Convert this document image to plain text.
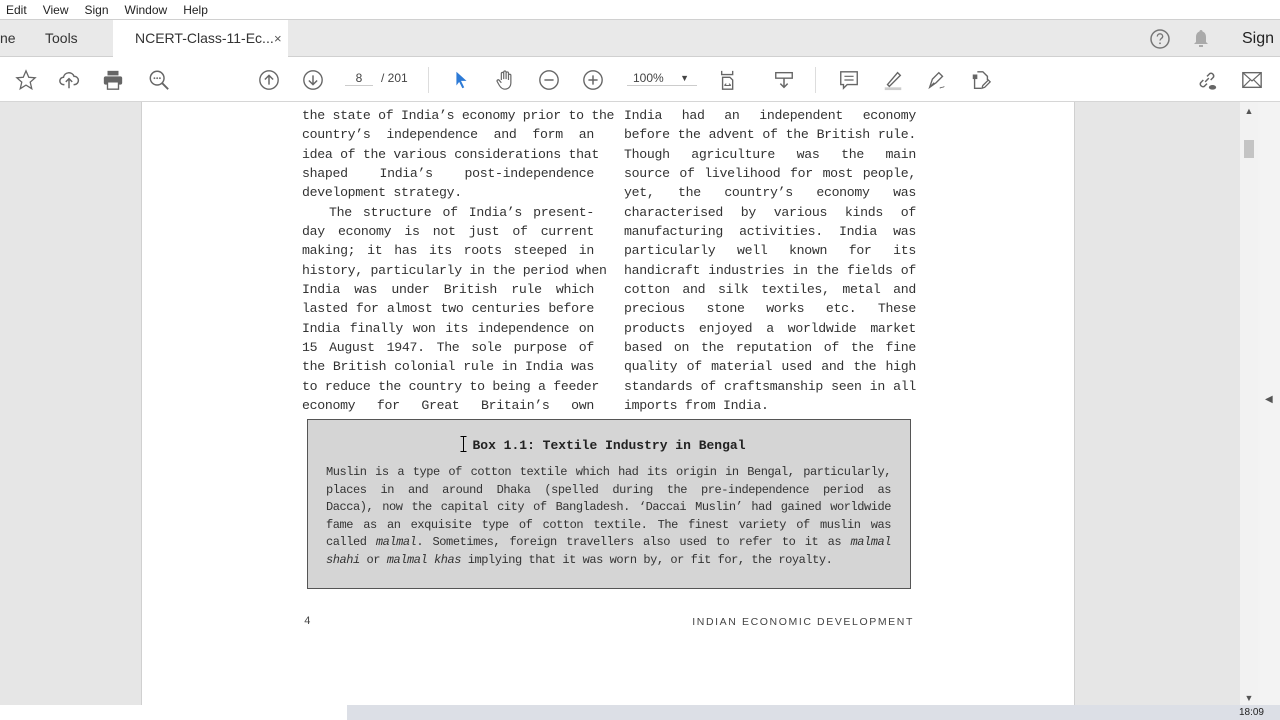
Edit	View	Sign	Window	Help
ne Tools	NCERT-Class-11-Ec... ×	Sign
8	/ 201	100% ▼
the state of India’s economy prior to the
country’s independence and form an
idea of the various considerations that
shaped India’s post-independence
development strategy.
The structure of India’s present-
day economy is not just of current
making; it has its roots steeped in
history, particularly in the period when
India was under British rule which
lasted for almost two centuries before
India finally won its independence on
15 August 1947. The sole purpose of
the British colonial rule in India was
to reduce the country to being a feeder
economy for Great Britain’s own
India had an independent economy
before the advent of the British rule.
Though agriculture was the main
source of livelihood for most people,
yet, the country’s economy was
characterised by various kinds of
manufacturing activities. India was
particularly well known for its
handicraft industries in the fields of
cotton and silk textiles, metal and
precious stone works etc. These
products enjoyed a worldwide market
based on the reputation of the fine
quality of material used and the high
standards of craftsmanship seen in all
imports from India.
Box 1.1: Textile Industry in Bengal
Muslin is a type of cotton textile which had its origin in Bengal, particularly,
places in and around Dhaka (spelled during the pre-independence period as
Dacca), now the capital city of Bangladesh. ‘Daccai Muslin’ had gained worldwide
fame as an exquisite type of cotton textile. The finest variety of muslin was
called malmal. Sometimes, foreign travellers also used to refer to it as malmal
shahi or malmal khas implying that it was worn by, or fit for, the royalty.
4	INDIAN ECONOMIC DEVELOPMENT
▲
▼
◀
18:09
